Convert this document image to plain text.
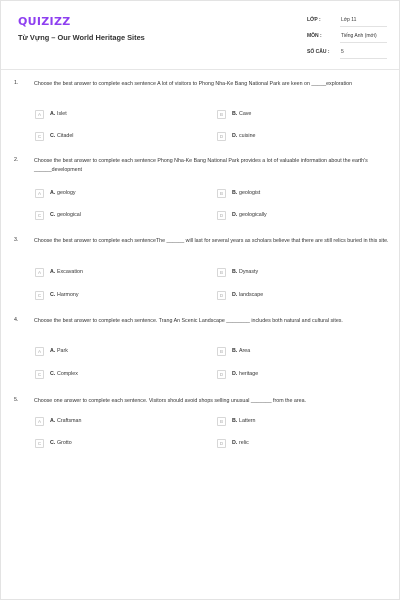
QUIZIZZ
Từ Vựng – Our World Heritage Sites
LỚP :	Lớp 11
MÔN :	Tiếng Anh (mới)
SỐ CÂU : 5
1.	Choose the best answer to complete each sentence A lot of visitors to Phong Nha-Ke Bang National Park are keen on _____exploration
A	A. Islet	B	B. Cave
C	C. Citadel	D	D. cuisine
2.	Choose the best answer to complete each sentence Phong Nha-Ke Bang National Park provides a lot of valuable information about the earth's ______development
A	A. geology	B	B. geologist
C	C. geological	D	D. geologically
3.	Choose the best answer to complete each sentenceThe ______ will last for several years as scholars believe that there are still relics buried in this site.
A	A. Excavation	B	B. Dynasty
C	C. Harmony	D	D. landscape
4.	Choose the best answer to complete each sentence. Trang An Scenic Landscape ________ includes both natural and cultural sites.
A	A. Park	B	B. Area
C	C. Complex	D	D. heritage
5.	Choose one answer to complete each sentence. Visitors should avoid shops selling unusual _______ from the area.
A	A. Craftsman	B	B. Lattern
C	C. Grotto	D	D. relic
